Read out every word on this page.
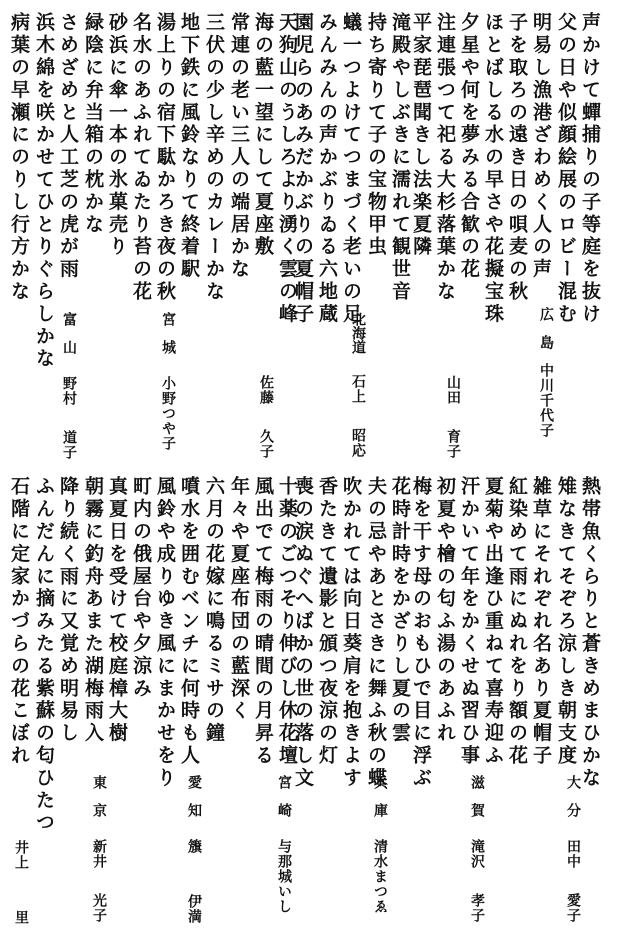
声かけて蟬捕りの子等庭を抜け
父の日や似顔絵展のロビー混む
明易し漁港ざわめく人の声
子を取ろの遠き日の唄麦の秋
ほとばしる水の早さや花擬宝珠
夕星や何を夢みる合歓の花
注連張つて祀る大杉落葉かな
平家琵琶聞きし法楽夏隣
滝殿やしぶきに濡れて観世音
持ち寄りて子の宝物甲虫
蟻一つよけてつまづく老いの足
みんみんの声かぶりゐる六地蔵
園児らのあみだかぶりの夏帽子
天狗山のうしろより湧く雲の峰
海の藍一望にして夏座敷
常連の老い三人の端居かな
三伏の少し辛めのカレーかな
地下鉄に風鈴なりて終着駅
湯上りの宿下駄かろき夜の秋
名水のあふれてゐたり苔の花
砂浜に傘一本の氷菓売り
緑陰に弁当箱の枕かな
さめざめと人工芝の虎が雨
浜木綿を咲かせてひとりぐらしかな
病葉の早瀬にのりし行方かな
広島中川千代子
山田育子
北海道石上昭応
佐藤久子
宮城小野つや子
富山野村道子
熱帯魚くらりと蒼きめまひかな
雉なきてそぞろ涼しき朝支度
雑草にそれぞれ名あり夏帽子
紅染めて雨にぬれをり額の花
夏菊や出逢ひ重ねて喜寿迎ふ
汗かいて年をかくせぬ習ひ事
初夏や檜の匂ふ湯のあふれ
梅を干す母のおもひで目に浮ぶ
花時計時をかざりし夏の雲
夫の忌やあとさきに舞ふ秋の蝶
吹かれては向日葵肩を抱きよす
香たきて遺影と頒つ夜涼の灯
喪の涙ぬぐへばかの世の落し文
十薬のごつそり伸びし休花壇
風出でて梅雨の晴間の月昇る
年々や夏座布団の藍深く
六月の花嫁に鳴るミサの鐘
噴水を囲むベンチに何時も人
風鈴や成りゆき風にまかせをり
町内の俄屋台や夕涼み
真夏日を受けて校庭樟大樹
朝霧に釣舟あまた湖梅雨入
降り続く雨に又覚め明易し
ふんだんに摘みたる紫蘇の匂ひたつ
石階に定家かづらの花こぼれ
大分田中愛子
滋賀滝沢孝子
兵庫清水まつゑ
宮崎与那城いし
愛知籏伊満
東京新井光子
井上里
